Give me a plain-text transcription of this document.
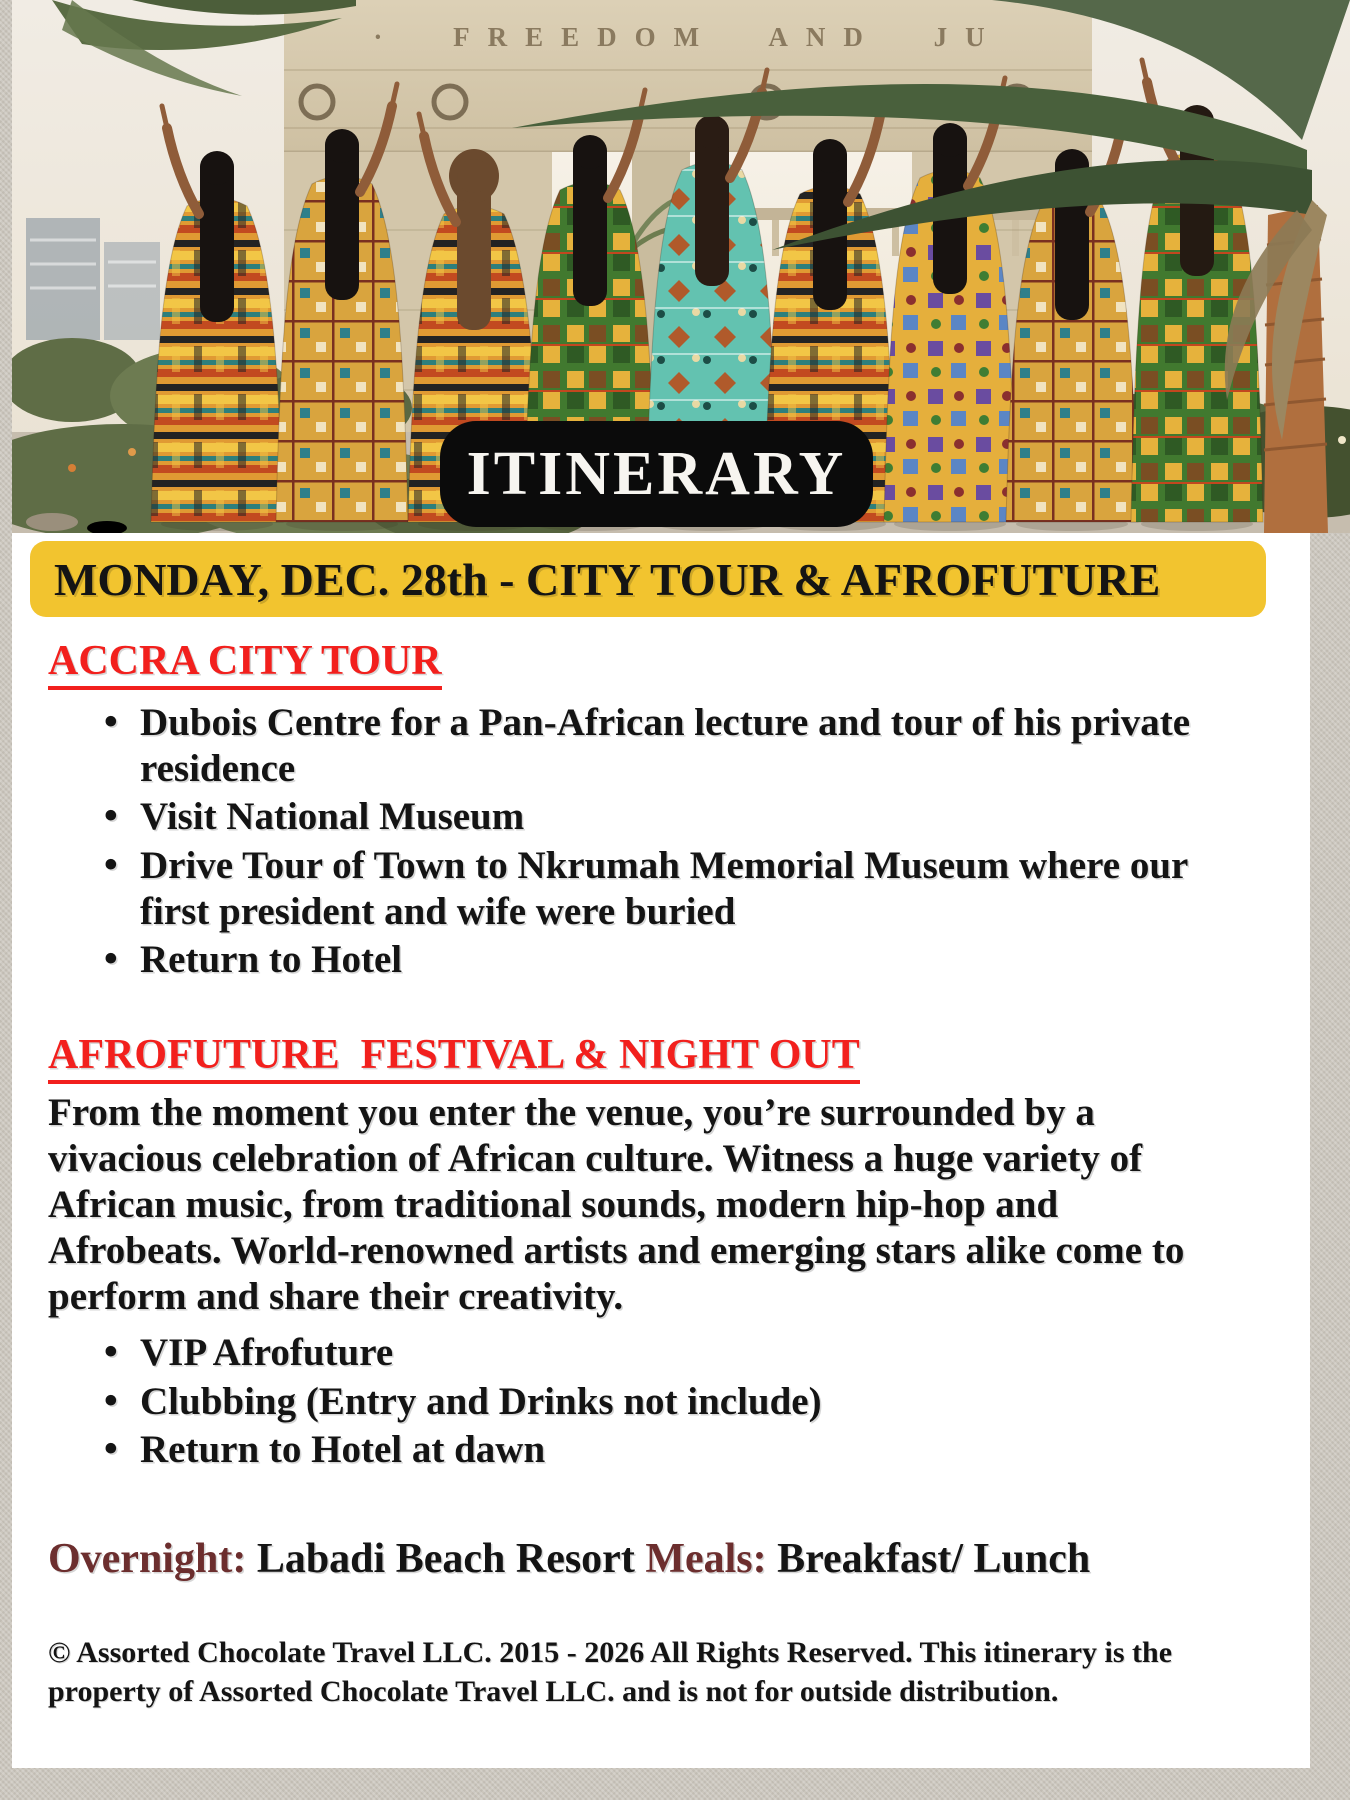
· FREEDOM AND JU
ITINERARY
MONDAY, DEC. 28th - CITY TOUR & AFROFUTURE
ACCRA CITY TOUR
• Dubois Centre for a Pan-African lecture and tour of his private residence
• Visit National Museum
• Drive Tour of Town to Nkrumah Memorial Museum where our first president and wife were buried
• Return to Hotel
AFROFUTURE  FESTIVAL & NIGHT OUT

From the moment you enter the venue, you’re surrounded by a vivacious celebration of African culture. Witness a huge variety of African music, from traditional sounds, modern hip-hop and Afrobeats. World-renowned artists and emerging stars alike come to perform and share their creativity.

• VIP Afrofuture
• Clubbing (Entry and Drinks not include)
• Return to Hotel at dawn
Overnight: Labadi Beach Resort Meals: Breakfast/ Lunch
© Assorted Chocolate Travel LLC. 2015 - 2026 All Rights Reserved. This itinerary is the property of Assorted Chocolate Travel LLC. and is not for outside distribution.
